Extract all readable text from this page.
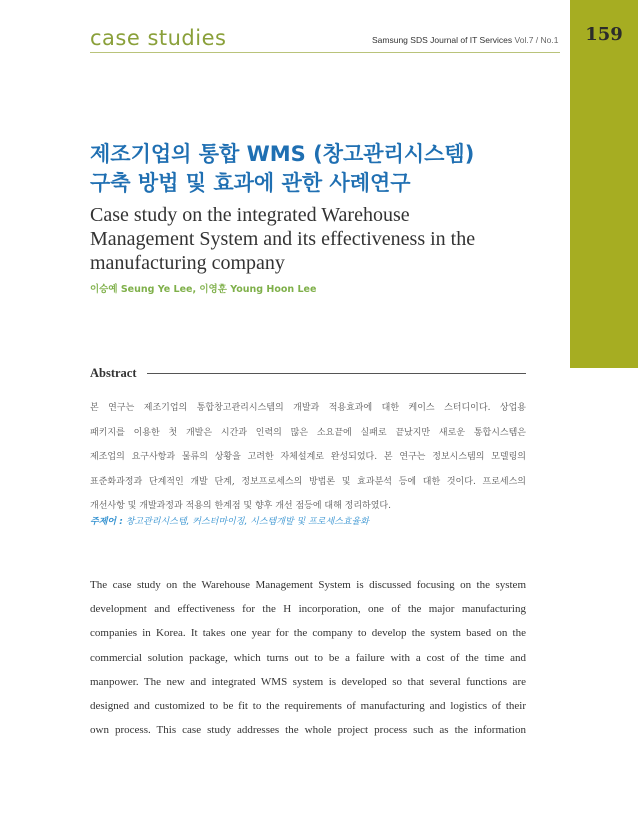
case studies	Samsung SDS Journal of IT Services Vol.7 / No.1	159
제조기업의 통합 WMS (창고관리시스템)
구축 방법 및 효과에 관한 사례연구
Case study on the integrated Warehouse
Management System and its effectiveness in the
manufacturing company
이승예 Seung Ye Lee, 이영훈 Young Hoon Lee
Abstract
본 연구는 제조기업의 통합창고관리시스템의 개발과 적용효과에 대한 케이스 스터디이다. 상업용
패키지를 이용한 첫 개발은 시간과 인력의 많은 소요끝에 실패로 끝났지만 새로운 통합시스템은
제조업의 요구사항과 물류의 상황을 고려한 자체설계로 완성되었다. 본 연구는 정보시스템의 모델링의
표준화과정과 단계적인 개발 단계, 정보프로세스의 방법론 및 효과분석 등에 대한 것이다. 프로세스의
개선사항 및 개발과정과 적용의 한계점 및 향후 개선 점등에 대해 정리하였다.
주제어 : 창고관리시스템, 커스터마이징, 시스템개발 및 프로세스효율화
The case study on the Warehouse Management System is discussed focusing on the system
development and effectiveness for the H incorporation, one of the major manufacturing
companies in Korea. It takes one year for the company to develop the system based on the
commercial solution package, which turns out to be a failure with a cost of the time and
manpower. The new and integrated WMS system is developed so that several functions are
designed and customized to be fit to the requirements of manufacturing and logistics of their
own process. This case study addresses the whole project process such as the information
